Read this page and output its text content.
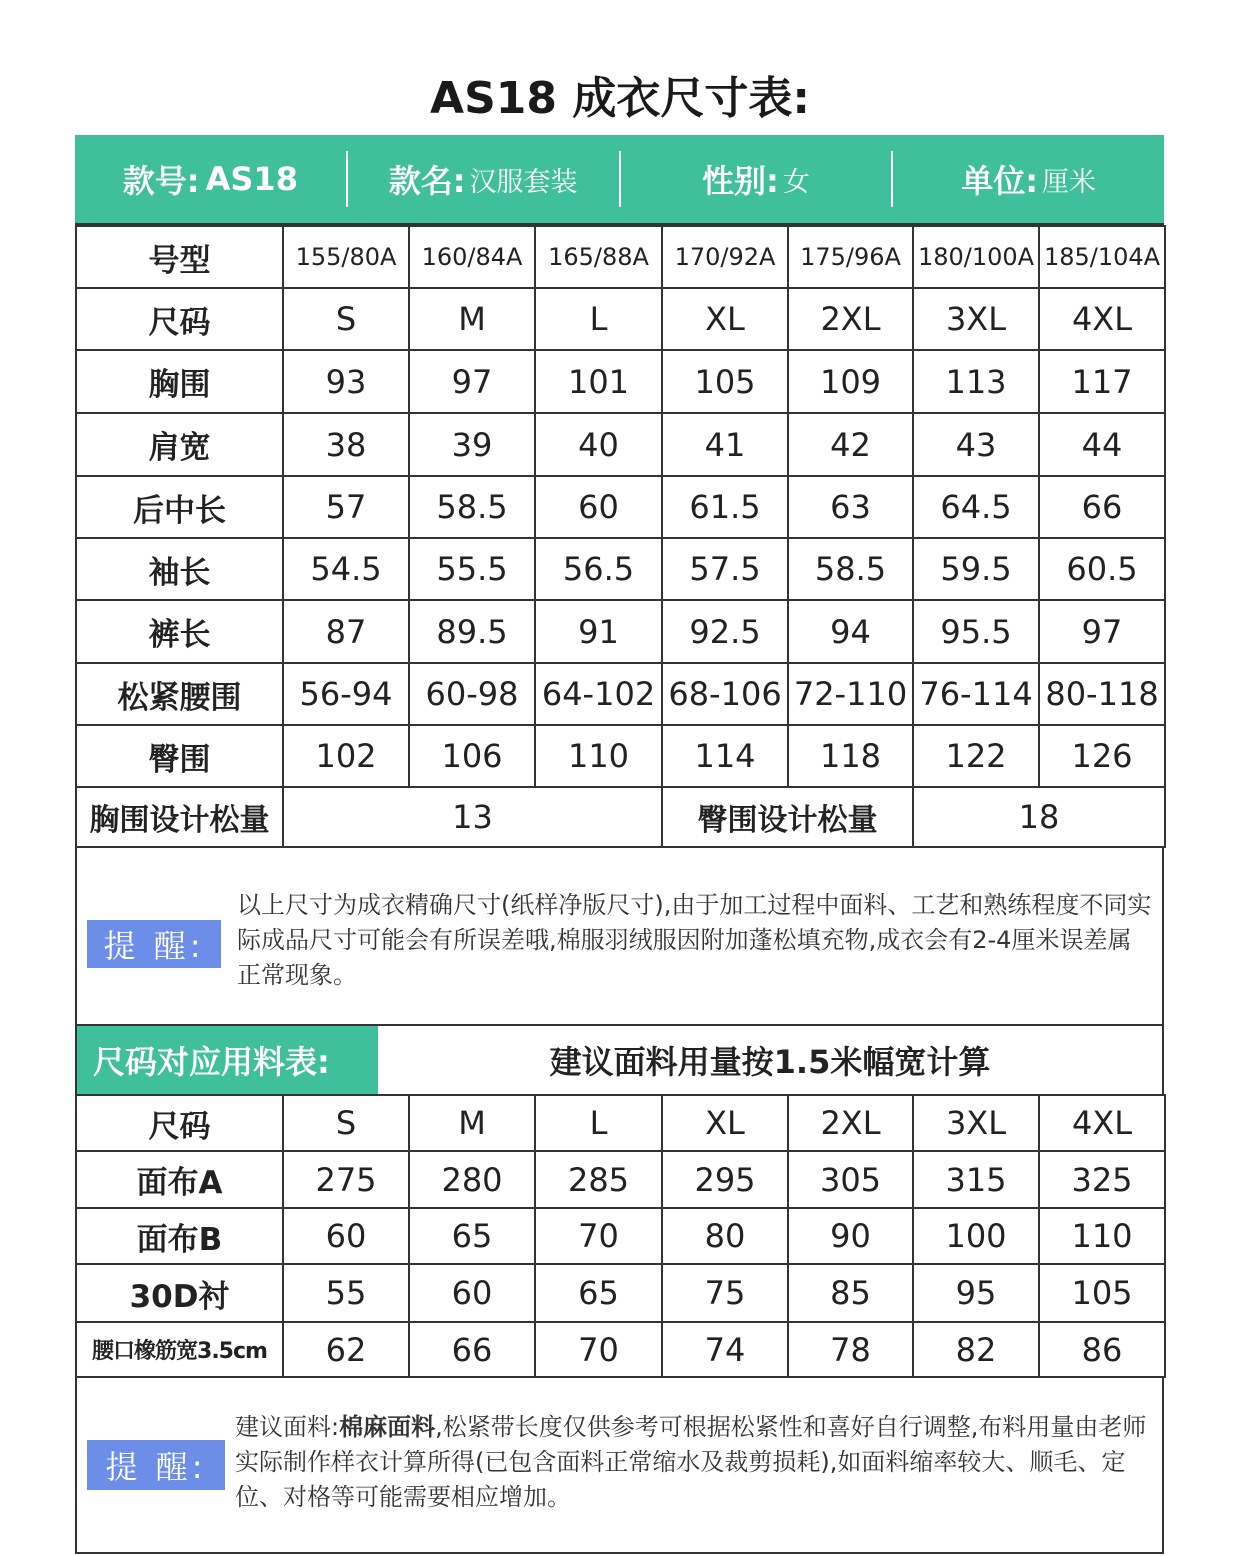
AS18 成衣尺寸表:
款号: AS18	款名: 汉服套装	性别: 女	单位: 厘米
号型	155/80A	160/84A	165/88A	170/92A	175/96A	180/100A	185/104A
尺码	S	M	L	XL	2XL	3XL	4XL
胸围	93	97	101	105	109	113	117
肩宽	38	39	40	41	42	43	44
后中长	57	58.5	60	61.5	63	64.5	66
袖长	54.5	55.5	56.5	57.5	58.5	59.5	60.5
裤长	87	89.5	91	92.5	94	95.5	97
松紧腰围	56-94	60-98	64-102	68-106	72-110	76-114	80-118
臀围	102	106	110	114	118	122	126
胸围设计松量	13			臀围设计松量		18	
提 醒:
以上尺寸为成衣精确尺寸(纸样净版尺寸),由于加工过程中面料、工艺和熟练程度不同实际成品尺寸可能会有所误差哦,棉服羽绒服因附加蓬松填充物,成衣会有2-4厘米误差属正常现象。
尺码对应用料表:	建议面料用量按1.5米幅宽计算
尺码	S	M	L	XL	2XL	3XL	4XL
面布A	275	280	285	295	305	315	325
面布B	60	65	70	80	90	100	110
30D衬	55	60	65	75	85	95	105
腰口橡筋宽3.5cm	62	66	70	74	78	82	86
提 醒:
建议面料:棉麻面料,松紧带长度仅供参考可根据松紧性和喜好自行调整,布料用量由老师实际制作样衣计算所得(已包含面料正常缩水及裁剪损耗),如面料缩率较大、顺毛、定位、对格等可能需要相应增加。
